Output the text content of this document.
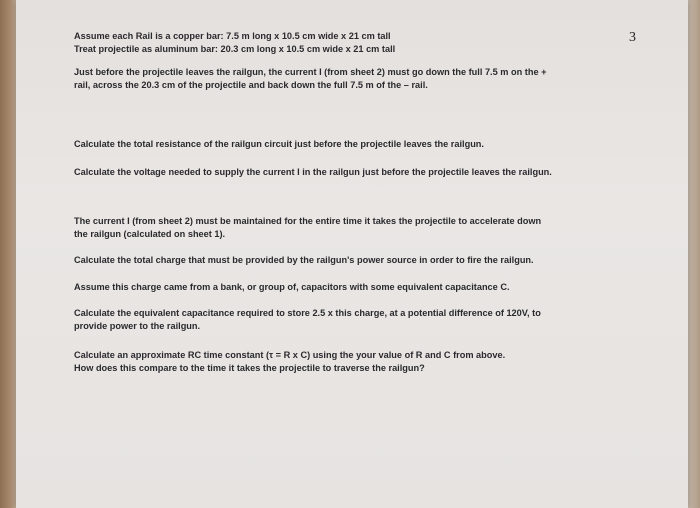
3

Assume each Rail is a copper bar: 7.5 m long x 10.5 cm wide x 21 cm tall
Treat projectile as aluminum bar: 20.3 cm long x 10.5 cm wide x 21 cm tall

Just before the projectile leaves the railgun, the current I (from sheet 2) must go down the full 7.5 m on the +
rail, across the 20.3 cm of the projectile and back down the full 7.5 m of the – rail.

Calculate the total resistance of the railgun circuit just before the projectile leaves the railgun.

Calculate the voltage needed to supply the current I in the railgun just before the projectile leaves the railgun.

The current I (from sheet 2) must be maintained for the entire time it takes the projectile to accelerate down
the railgun (calculated on sheet 1).

Calculate the total charge that must be provided by the railgun's power source in order to fire the railgun.

Assume this charge came from a bank, or group of, capacitors with some equivalent capacitance C.

Calculate the equivalent capacitance required to store 2.5 x this charge, at a potential difference of 120V, to
provide power to the railgun.

Calculate an approximate RC time constant (τ = R x C) using the your value of R and C from above.
How does this compare to the time it takes the projectile to traverse the railgun?
